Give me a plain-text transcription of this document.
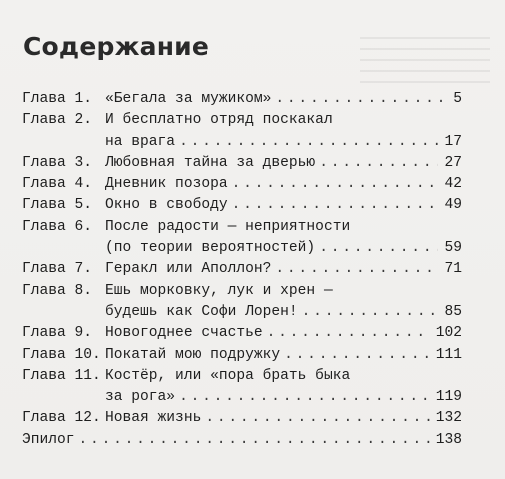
Содержание
Глава 1. «Бегала за мужиком» . . .	5
Глава 2. И бесплатно отряд поскакал
на врага . . .	17
Глава 3. Любовная тайна за дверью . . .	27
Глава 4. Дневник позора . . .	42
Глава 5. Окно в свободу . . .	49
Глава 6. После радости — неприятности
(по теории вероятностей) . . .	59
Глава 7. Геракл или Аполлон? . . .	71
Глава 8. Ешь морковку, лук и хрен —
будешь как Софи Лорен! . . .	85
Глава 9. Новогоднее счастье . . .	102
Глава 10. Покатай мою подружку . . .	111
Глава 11. Костёр, или «пора брать быка
за рога» . . .	119
Глава 12. Новая жизнь . . .	132
Эпилог . . .	138
